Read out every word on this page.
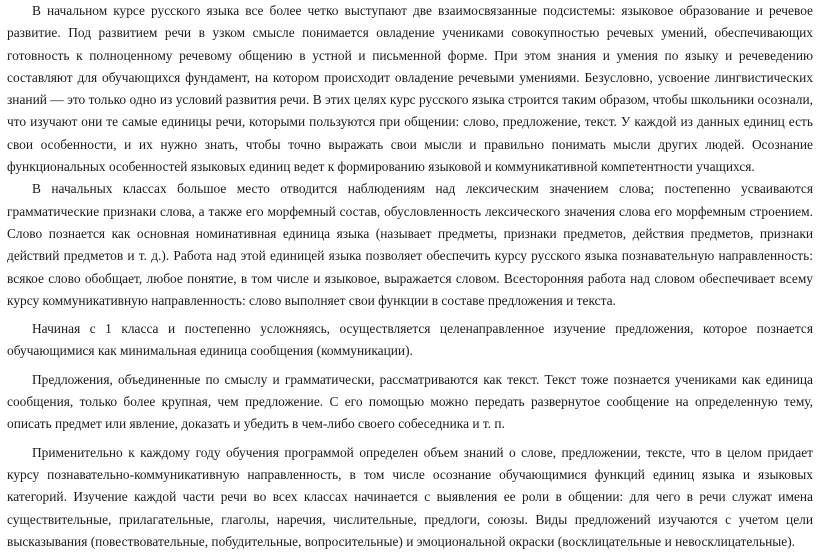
В начальном курсе русского языка все более четко выступают две взаимосвязанные подсистемы: языковое образование и речевое развитие. Под развитием речи в узком смысле понимается овладение учениками совокупностью речевых умений, обеспечивающих готовность к полноценному речевому общению в устной и письменной форме. При этом знания и умения по языку и речеведению составляют для обучающихся фундамент, на котором происходит овладение речевыми умениями. Безусловно, усвоение лингвистических знаний — это только одно из условий развития речи. В этих целях курс русского языка строится таким образом, чтобы школьники осознали, что изучают они те самые единицы речи, которыми пользуются при общении: слово, предложение, текст. У каждой из данных единиц есть свои особенности, и их нужно знать, чтобы точно выражать свои мысли и правильно понимать мысли других людей. Осознание функциональных особенностей языковых единиц ведет к формированию языковой и коммуникативной компетентности учащихся.

В начальных классах большое место отводится наблюдениям над лексическим значением слова; постепенно усваиваются грамматические признаки слова, а также его морфемный состав, обусловленность лексического значения слова его морфемным строением. Слово познается как основная номинативная единица языка (называет предметы, признаки предметов, действия предметов, признаки действий предметов и т. д.). Работа над этой единицей языка позволяет обеспечить курсу русского языка познавательную направленность: всякое слово обобщает, любое понятие, в том числе и языковое, выражается словом. Всесторонняя работа над словом обеспечивает всему курсу коммуникативную направленность: слово выполняет свои функции в составе предложения и текста.

Начиная с 1 класса и постепенно усложняясь, осуществляется целенаправленное изучение предложения, которое познается обучающимися как минимальная единица сообщения (коммуникации).

Предложения, объединенные по смыслу и грамматически, рассматриваются как текст. Текст тоже познается учениками как единица сообщения, только более крупная, чем предложение. С его помощью можно передать развернутое сообщение на определенную тему, описать предмет или явление, доказать и убедить в чем-либо своего собеседника и т. п.

Применительно к каждому году обучения программой определен объем знаний о слове, предложении, тексте, что в целом придает курсу познавательно-коммуникативную направленность, в том числе осознание обучающимися функций единиц языка и языковых категорий. Изучение каждой части речи во всех классах начинается с выявления ее роли в общении: для чего в речи служат имена существительные, прилагательные, глаголы, наречия, числительные, предлоги, союзы. Виды предложений изучаются с учетом цели высказывания (повествовательные, побудительные, вопросительные) и эмоциональной окраски (восклицательные и невосклицательные).
